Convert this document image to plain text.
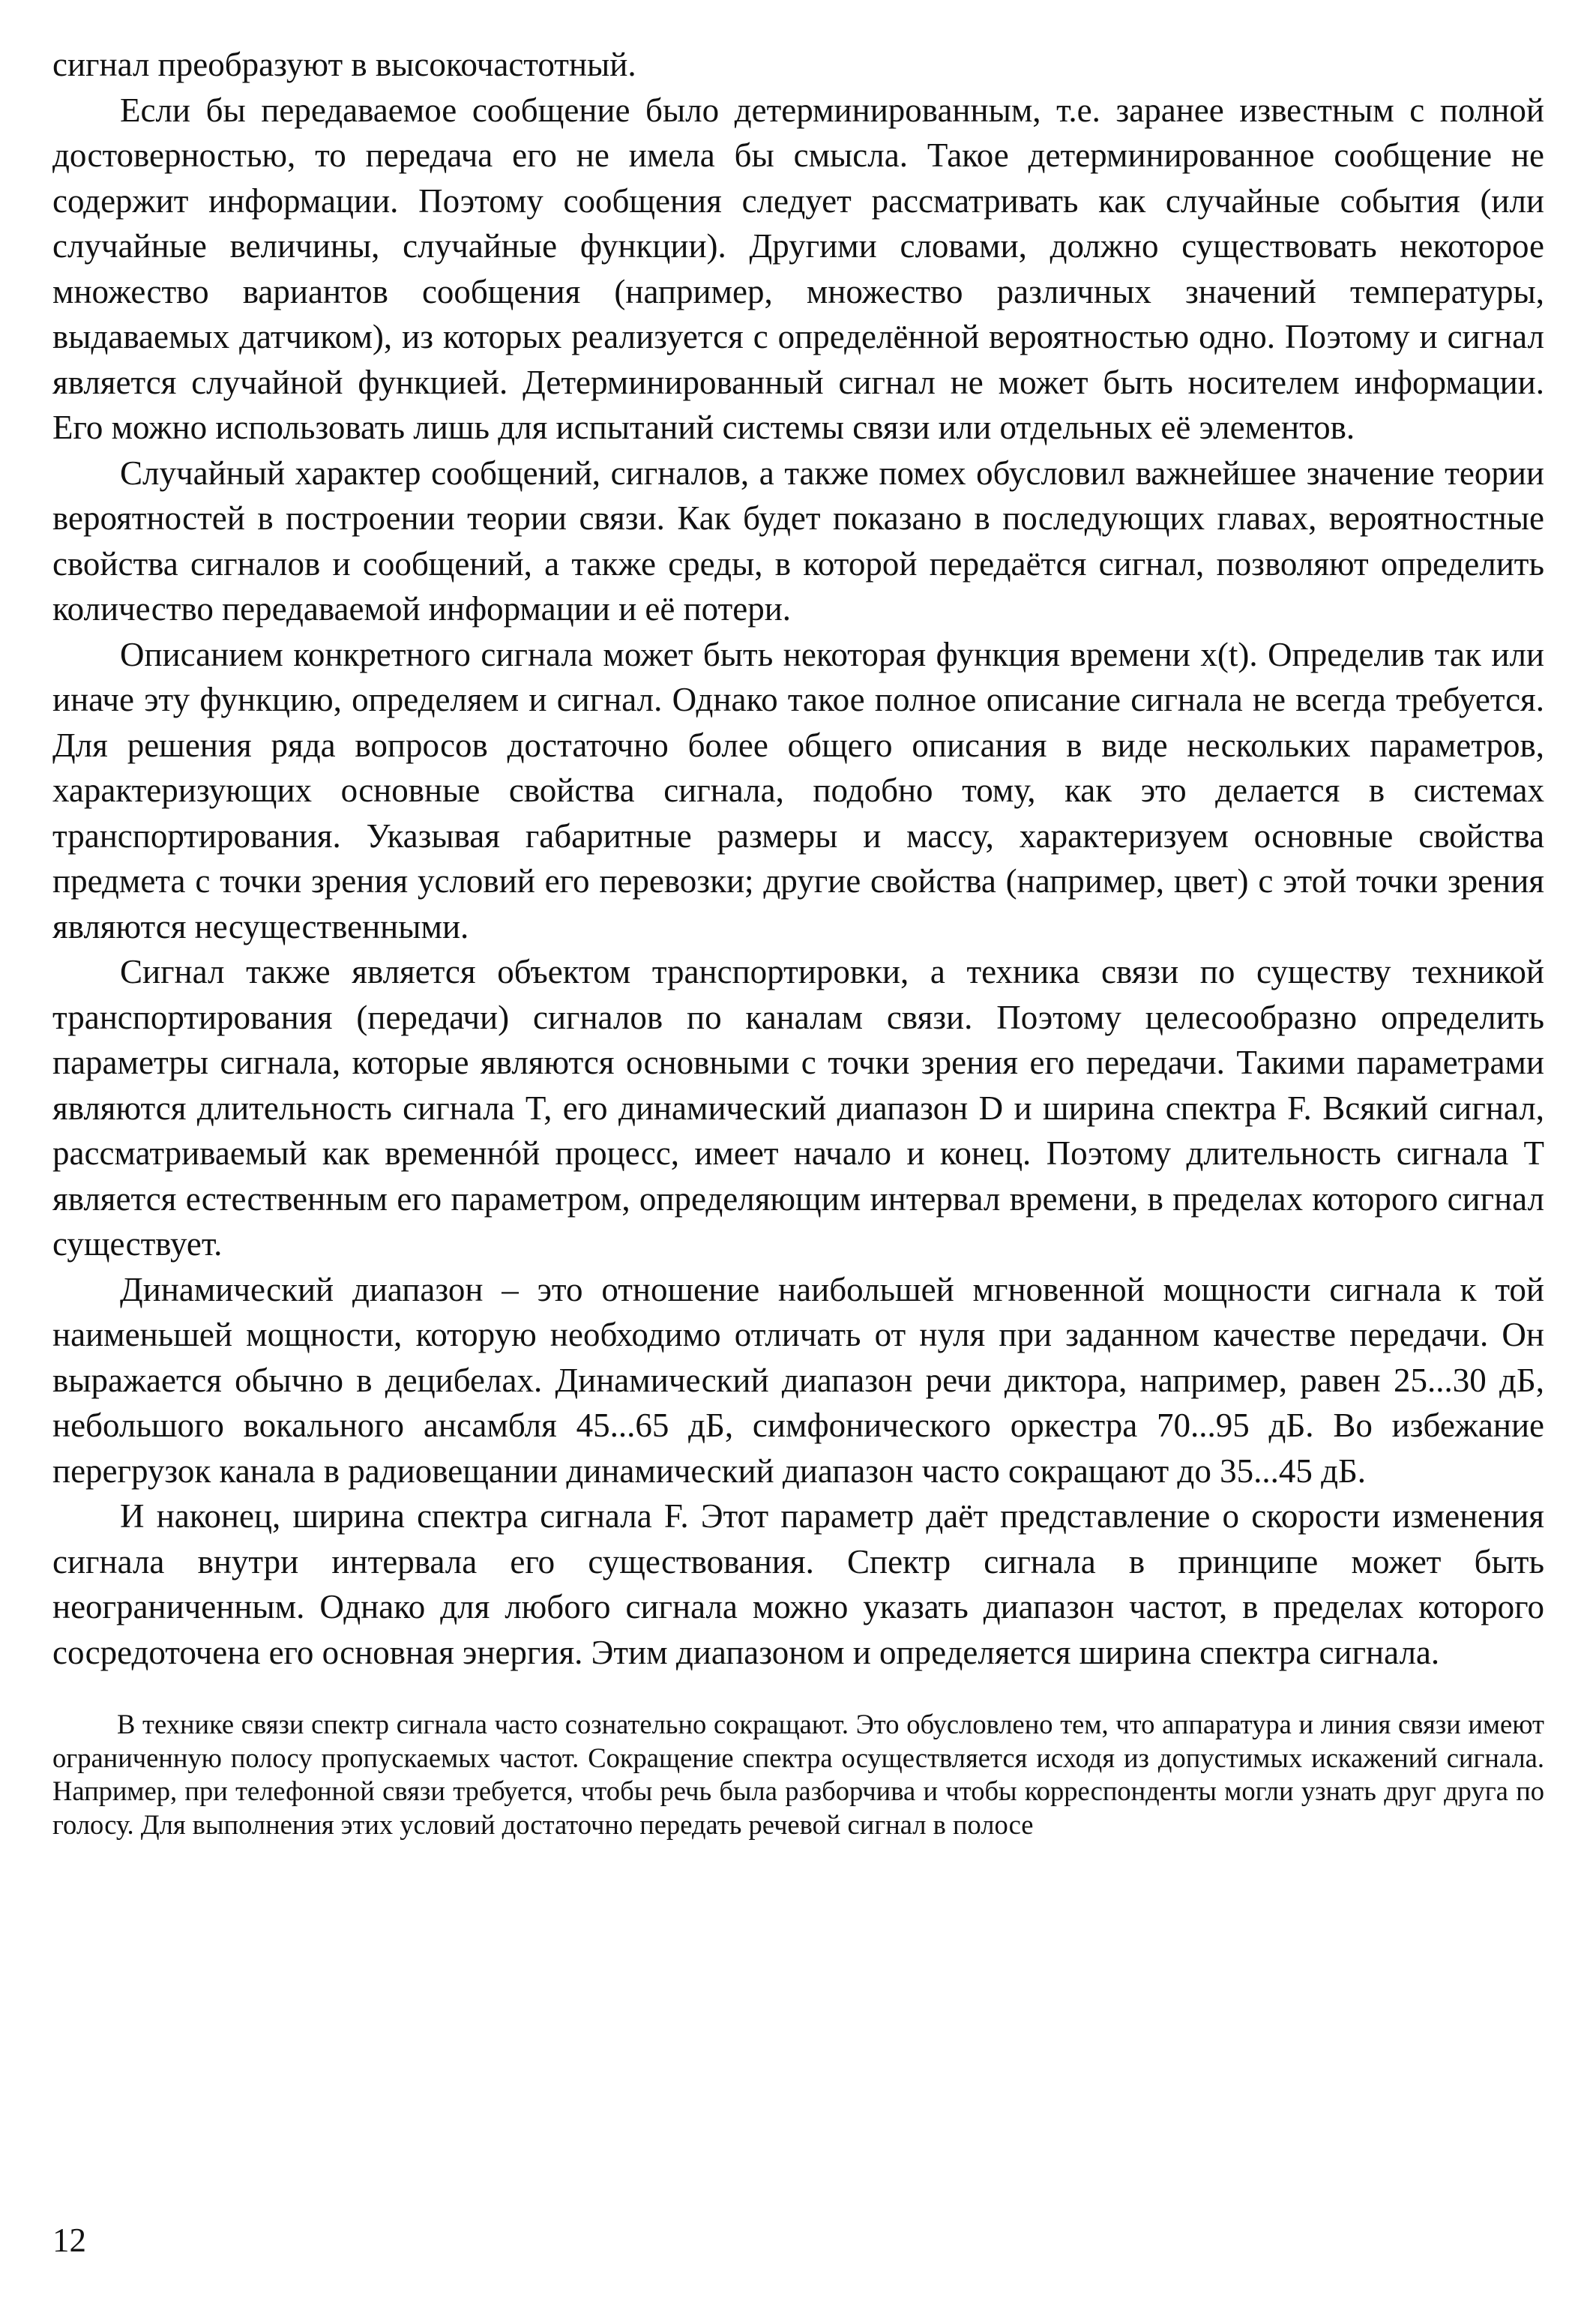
сигнал преобразуют в высокочастотный.

Если бы передаваемое сообщение было детерминированным, т.е. заранее известным с полной достоверностью, то передача его не имела бы смысла. Такое детерминированное сообщение не содержит информации. Поэтому сообщения следует рассматривать как случайные события (или случайные величины, случайные функции). Другими словами, должно существовать некоторое множество вариантов сообщения (например, множество различных значений температуры, выдаваемых датчиком), из которых реализуется с определённой вероятностью одно. Поэтому и сигнал является случайной функцией. Детерминированный сигнал не может быть носителем информации. Его можно использовать лишь для испытаний системы связи или отдельных её элементов.

Случайный характер сообщений, сигналов, а также помех обусловил важнейшее значение теории вероятностей в построении теории связи. Как будет показано в последующих главах, вероятностные свойства сигналов и сообщений, а также среды, в которой передаётся сигнал, позволяют определить количество передаваемой информации и её потери.

Описанием конкретного сигнала может быть некоторая функция времени x(t). Определив так или иначе эту функцию, определяем и сигнал. Однако такое полное описание сигнала не всегда требуется. Для решения ряда вопросов достаточно более общего описания в виде нескольких параметров, характеризующих основные свойства сигнала, подобно тому, как это делается в системах транспортирования. Указывая габаритные размеры и массу, характеризуем основные свойства предмета с точки зрения условий его перевозки; другие свойства (например, цвет) с этой точки зрения являются несущественными.

Сигнал также является объектом транспортировки, а техника связи по существу техникой транспортирования (передачи) сигналов по каналам связи. Поэтому целесообразно определить параметры сигнала, которые являются основными с точки зрения его передачи. Такими параметрами являются длительность сигнала T, его динамический диапазон D и ширина спектра F. Всякий сигнал, рассматриваемый как временнóй процесс, имеет начало и конец. Поэтому длительность сигнала T является естественным его параметром, определяющим интервал времени, в пределах которого сигнал существует.

Динамический диапазон – это отношение наибольшей мгновенной мощности сигнала к той наименьшей мощности, которую необходимо отличать от нуля при заданном качестве передачи. Он выражается обычно в децибелах. Динамический диапазон речи диктора, например, равен 25...30 дБ, небольшого вокального ансамбля 45...65 дБ, симфонического оркестра 70...95 дБ. Во избежание перегрузок канала в радиовещании динамический диапазон часто сокращают до 35...45 дБ.

И наконец, ширина спектра сигнала F. Этот параметр даёт представление о скорости изменения сигнала внутри интервала его существования. Спектр сигнала в принципе может быть неограниченным. Однако для любого сигнала можно указать диапазон частот, в пределах которого сосредоточена его основная энергия. Этим диапазоном и определяется ширина спектра сигнала.

В технике связи спектр сигнала часто сознательно сокращают. Это обусловлено тем, что аппаратура и линия связи имеют ограниченную полосу пропускаемых частот. Сокращение спектра осуществляется исходя из допустимых искажений сигнала. Например, при телефонной связи требуется, чтобы речь была разборчива и чтобы корреспонденты могли узнать друг друга по голосу. Для выполнения этих условий достаточно передать речевой сигнал в полосе

12
